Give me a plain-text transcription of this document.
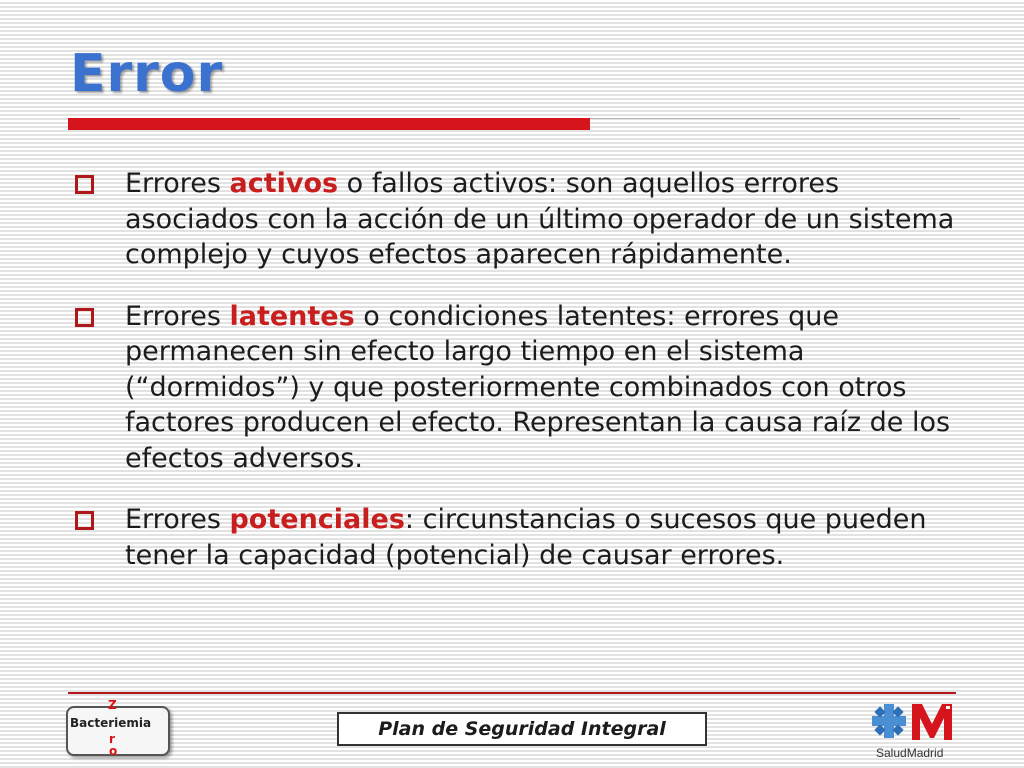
Error
Errores activos o fallos activos: son aquellos errores asociados con la acción de un último operador de un sistema complejo y cuyos efectos aparecen rápidamente.
Errores latentes o condiciones latentes: errores que permanecen sin efecto largo tiempo en el sistema (“dormidos”) y que posteriormente combinados con otros factores producen el efecto. Representan la causa raíz de los efectos adversos.
Errores potenciales: circunstancias o sucesos que pueden tener la capacidad (potencial) de causar errores.
Z
Bacteriemia
r
o
Plan de Seguridad Integral
SaludMadrid
